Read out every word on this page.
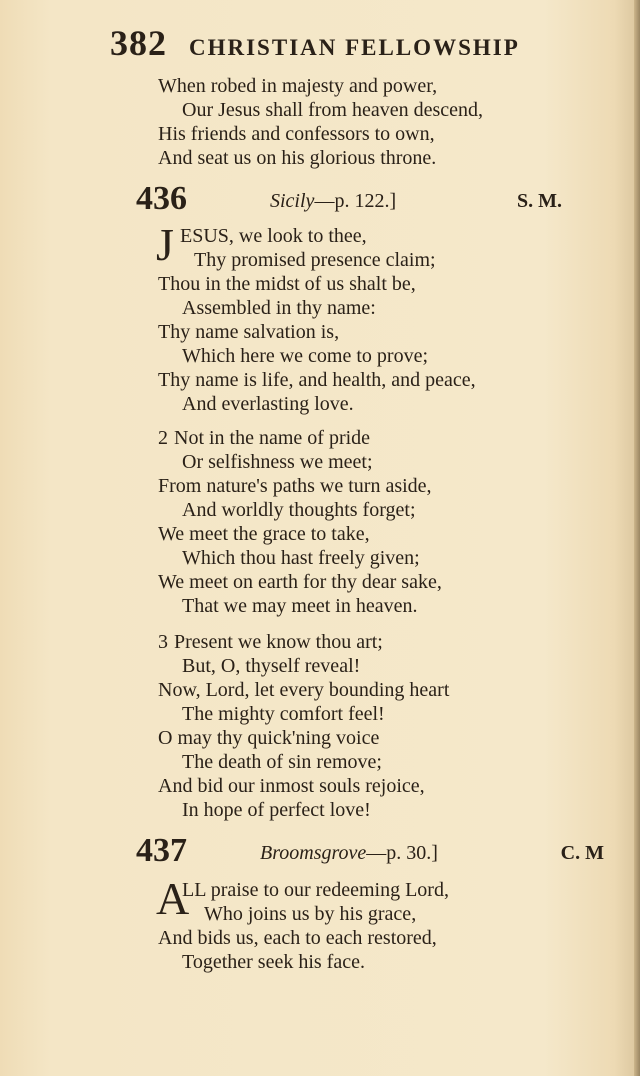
382 CHRISTIAN FELLOWSHIP
When robed in majesty and power,
Our Jesus shall from heaven descend,
His friends and confessors to own,
And seat us on his glorious throne.
436	Sicily—p. 122.]	S. M.
J ESUS, we look to thee,
Thy promised presence claim;
Thou in the midst of us shalt be,
Assembled in thy name:
Thy name salvation is,
Which here we come to prove;
Thy name is life, and health, and peace,
And everlasting love.
2 Not in the name of pride
Or selfishness we meet;
From nature's paths we turn aside,
And worldly thoughts forget;
We meet the grace to take,
Which thou hast freely given;
We meet on earth for thy dear sake,
That we may meet in heaven.
3 Present we know thou art;
But, O, thyself reveal!
Now, Lord, let every bounding heart
The mighty comfort feel!
O may thy quick'ning voice
The death of sin remove;
And bid our inmost souls rejoice,
In hope of perfect love!
437	Broomsgrove—p. 30.]	C. M
A
LL praise to our redeeming Lord,
Who joins us by his grace,
And bids us, each to each restored,
Together seek his face.
